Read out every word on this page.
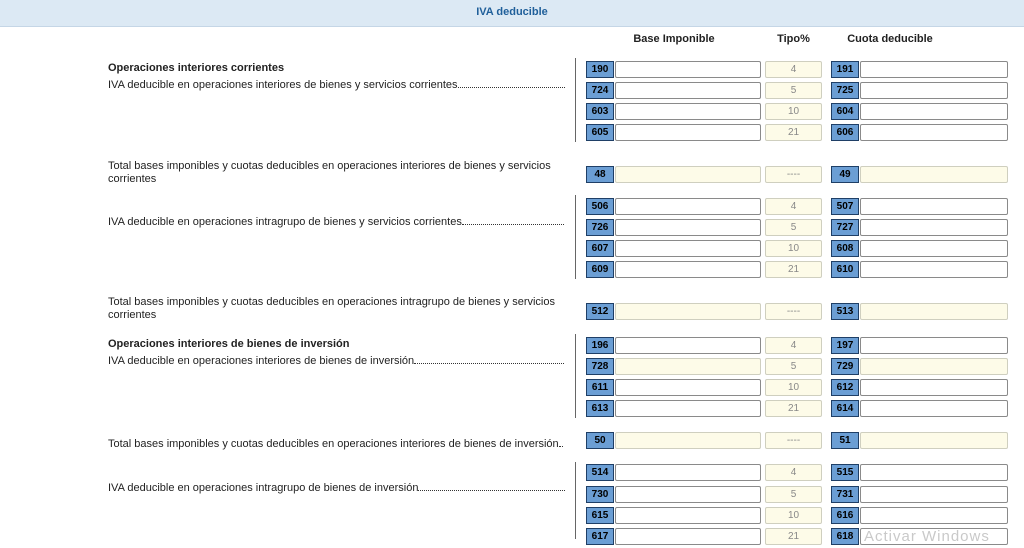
IVA deducible
Base Imponible	Tipo%	Cuota deducible
Operaciones interiores corrientes
IVA deducible en operaciones interiores de bienes y servicios corrientes
190	4	191
724	5	725
603	10	604
605	21	606
Total bases imponibles y cuotas deducibles en operaciones interiores de bienes y servicios corrientes	48	----	49
IVA deducible en operaciones intragrupo de bienes y servicios corrientes
506	4	507
726	5	727
607	10	608
609	21	610
Total bases imponibles y cuotas deducibles en operaciones intragrupo de bienes y servicios corrientes	512	----	513
Operaciones interiores de bienes de inversión
IVA deducible en operaciones interiores de bienes de inversión
196	4	197
728	5	729
611	10	612
613	21	614
Total bases imponibles y cuotas deducibles en operaciones interiores de bienes de inversión	50	----	51
IVA deducible en operaciones intragrupo de bienes de inversión
514	4	515
730	5	731
615	10	616
617	21	618 Activar Windows
